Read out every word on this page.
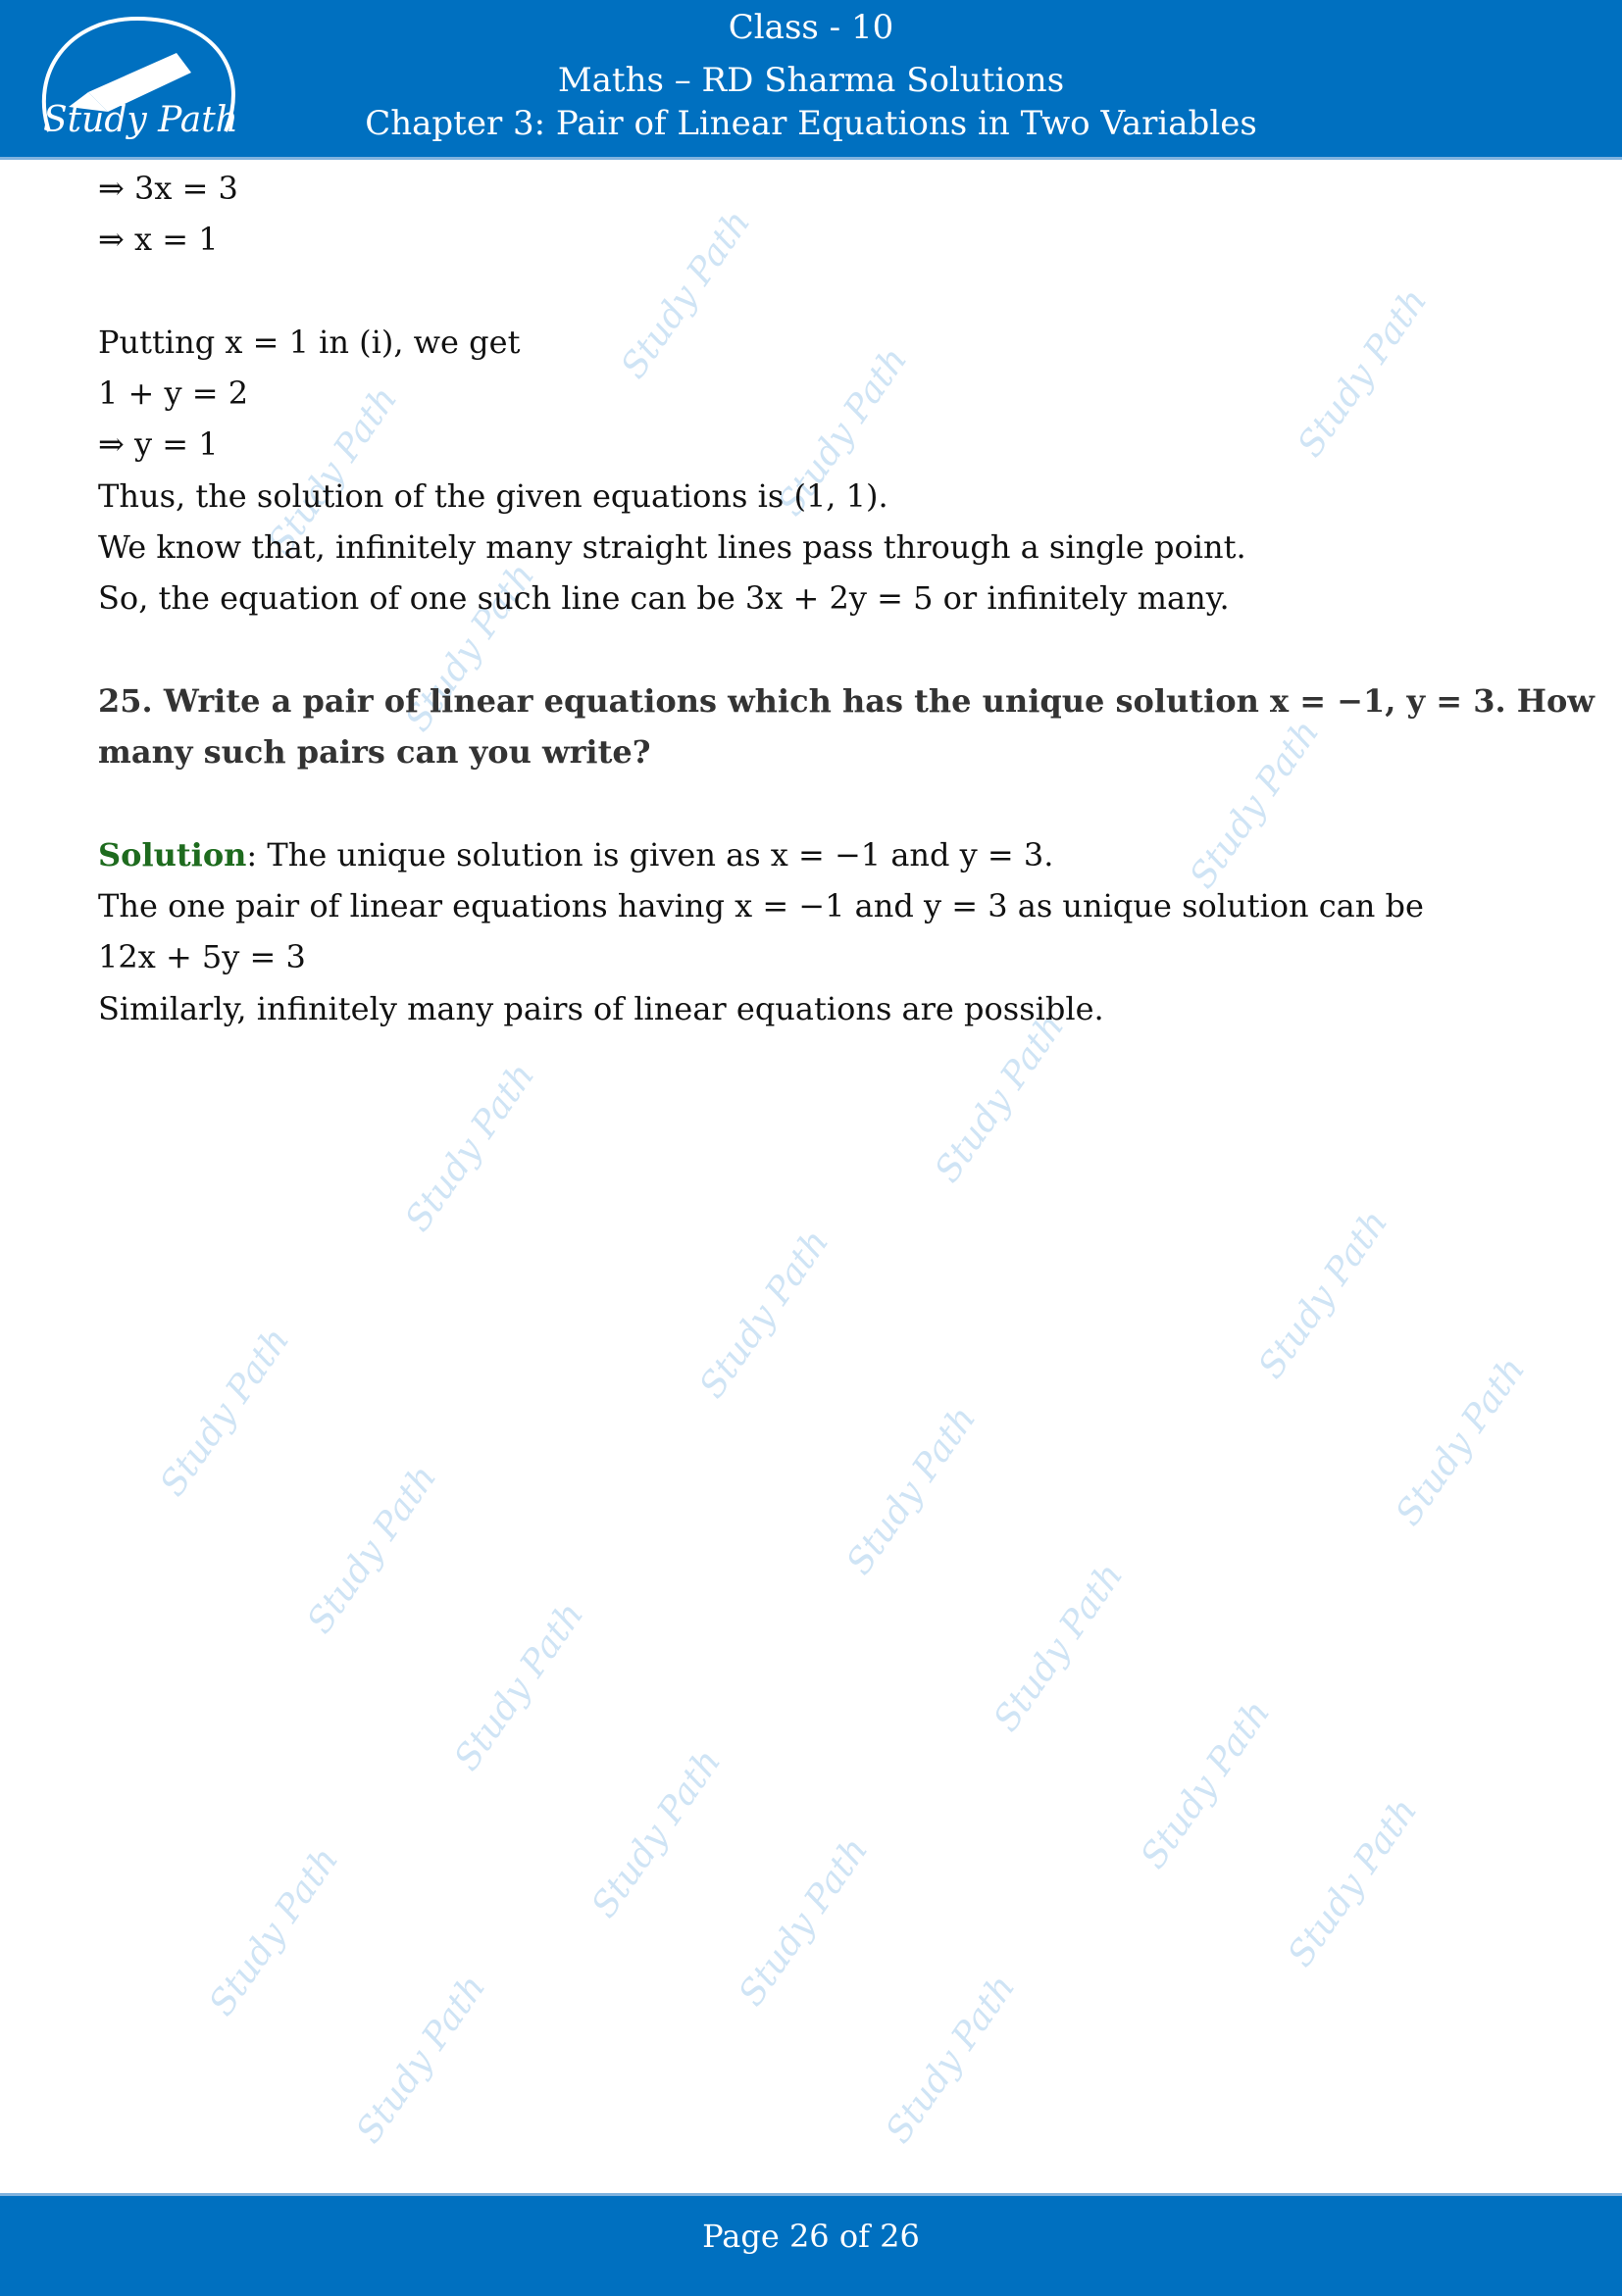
Study Path
Class - 10
Maths – RD Sharma Solutions
Chapter 3: Pair of Linear Equations in Two Variables
Study Path	Study Path
Study Path	Study Path
Study Path
Study Path
Study Path
Study Path
Study Path
Study Path
Study Path
Study Path	Study Path	Study Path
Study Path	Study Path
Study Path
Study Path
Study Path	Study Path	Study Path
Study Path	Study Path
⇒ 3x = 3
⇒ x = 1
Putting x = 1 in (i), we get
1 + y = 2
⇒ y = 1
Thus, the solution of the given equations is (1, 1).
We know that, infinitely many straight lines pass through a single point.
So, the equation of one such line can be 3x + 2y = 5 or infinitely many.
25. Write a pair of linear equations which has the unique solution x = −1, y = 3. How
many such pairs can you write?
Solution: The unique solution is given as x = −1 and y = 3.
The one pair of linear equations having x = −1 and y = 3 as unique solution can be
12x + 5y = 3
Similarly, infinitely many pairs of linear equations are possible.
Page 26 of 26
